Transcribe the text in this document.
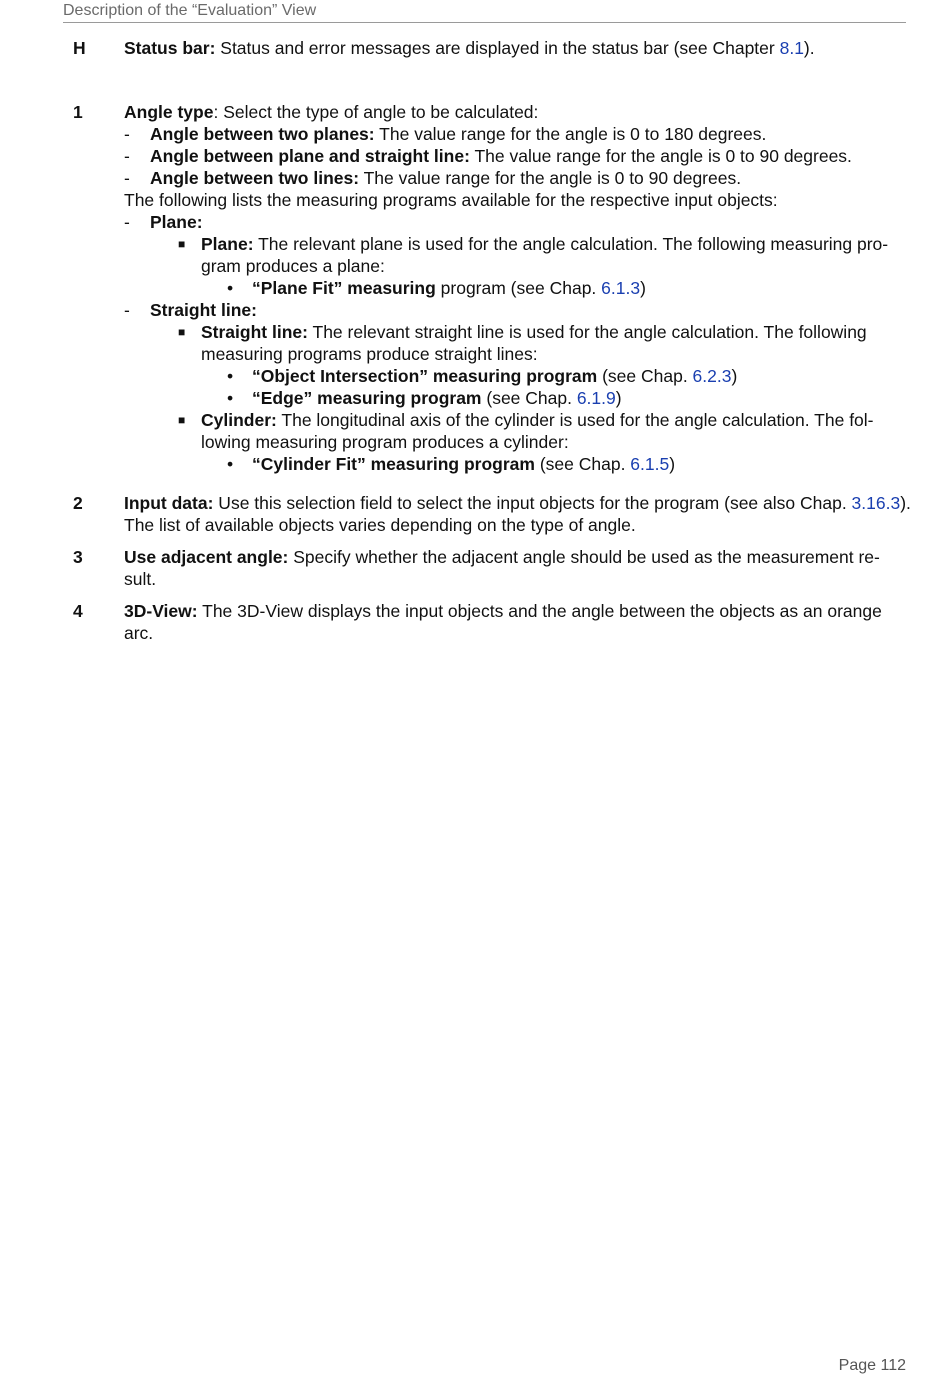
Description of the “Evaluation” View
H Status bar: Status and error messages are displayed in the status bar (see Chapter 8.1).
1 Angle type: Select the type of angle to be calculated:
- Angle between two planes: The value range for the angle is 0 to 180 degrees.
- Angle between plane and straight line: The value range for the angle is 0 to 90 degrees.
- Angle between two lines: The value range for the angle is 0 to 90 degrees.
The following lists the measuring programs available for the respective input objects:
- Plane:
■ Plane: The relevant plane is used for the angle calculation. The following measuring pro-gram produces a plane:
• “Plane Fit” measuring program (see Chap. 6.1.3)
- Straight line:
■ Straight line: The relevant straight line is used for the angle calculation. The following measuring programs produce straight lines:
• “Object Intersection” measuring program (see Chap. 6.2.3)
• “Edge” measuring program (see Chap. 6.1.9)
■ Cylinder: The longitudinal axis of the cylinder is used for the angle calculation. The fol-lowing measuring program produces a cylinder:
• “Cylinder Fit” measuring program (see Chap. 6.1.5)
2 Input data: Use this selection field to select the input objects for the program (see also Chap. 3.16.3). The list of available objects varies depending on the type of angle.
3 Use adjacent angle: Specify whether the adjacent angle should be used as the measurement re-sult.
4 3D-View: The 3D-View displays the input objects and the angle between the objects as an orange arc.
Page 112
